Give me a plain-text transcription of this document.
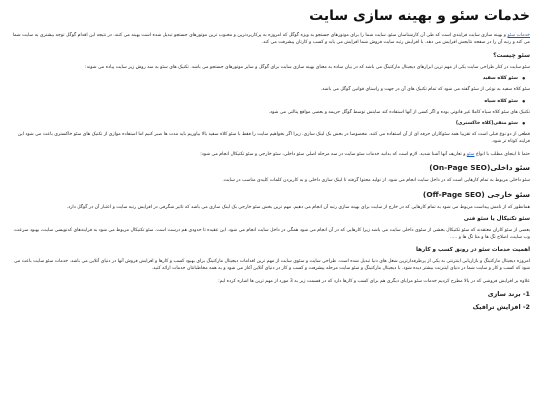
خدمات سئو و بهینه سازی سایت

خدمات سئو و بهینه سازی سایت فرایندی است که طی آن کارشناسان سئو، سایت شما را برای موتورهای جستجو به ویژه گوگل که امروزه به پرکاربردترین و محبوب ترین موتورهای جستجو تبدیل شده است بهینه می کنند. در نتیجه این اقدام گوگل توجه بیشتری به سایت شما می کند و رتبه آن را در صفحه نتایجش افزایش می دهد. با افزایش رتبه سایت فروش شما افزایش می یابد و کسب و کارتان پیشرفت می کند.

سئو چیست؟

سئو سایت در کنار طراحی سایت یکی از مهم ترین ابزارهای دیجیتال مارکتینگ می باشد که در بیان ساده به معنای بهینه سازی سایت برای گوگل و سایر موتورهای جستجو می باشد. تکنیک های سئو به سه روش زیر سایت پیاده می شوند:

• سئو کلاه سفید

سئو کلاه سفید به نوعی از سئو گفته می شود که تمام تکنیک های آن در جهت و راستای قوانین گوگل می باشد.

• سئو کلاه سیاه

تکنیک های سئو کلاه سیاه کاملا غیر قانونی بوده و اگر کسی از آنها استفاده کند سایتش توسط گوگل جریمه و بعضی مواقع پنالتی می شود.

• سئو منفی(کلاه خاکستری)

قطعی از دو نوع قبلی است که تقریبا همه سئوکاران حرفه ای از آن استفاده می کنند. مخصوصا در بخش بک لینک سازی. زیرا اگر بخواهیم سایت را فقط با سئو کلاه سفید بالا بیاوریم باید مدت ها صبر کنیم اما استفاده موازی از تکنیک های سئو خاکستری باعث می شود این فرایند کوتاه تر شود.

حتما تا اینجای مطلب با انواع سئو و تعاریف آنها آشنا شدید. لازم است که بدانید خدمات سئو سایت در سه مرحله اصلی سئو داخلی، سئو خارجی و سئو تکنیکال انجام می شود:

سئو داخلی(On-Page SEO)

سئو داخلی مربوط به تمام کارهایی است که در داخل سایت انجام می شود. از تولید محتوا گرفته تا لینک سازی داخلی و به کاربردن کلمات کلیدی مناسب در سایت.

سئو خارجی (Off-Page SEO)

همانطور که از نامش پیداست مربوط می شود به تمام کارهایی که در خارج از سایت برای بهینه سازی رتبه آن انجام می دهیم. مهم ترین بخش سئو خارجی بک لینک سازی می باشد که تاثیر شگرفی در افزایش رتبه سایت و اعتبار آن در گوگل دارد.

سئو تکنیکال یا سئو فنی

بعضی از سئو کاران معتقدند که سئو تکنیکال بخشی از سئوی داخلی سایت می باشد زیرا کارهایی که در آن انجام می شود همگی در داخل سایت انجام می شود. این عقیده تا حدودی هم درست است. سئو تکنیکال مربوط می شود به فرایندهای کدنویسی سایت، بهبود سرعت، وب سایت، اصلاح تگ ها و متا تگ ها و .....

اهمیت خدمات سئو در رونق کسب و کارها

امروزه دیجیتال مارکتینگ و بازاریابی اینترنتی به یکی از پرطرفدارترین شغل های دنیا تبدیل شده است. طراحی سایت و سئوی سایت از مهم ترین اقدامات دیجیتال مارکتینگ برای بهبود کسب و کارها و افزایش فروش آنها در دنیای آنلاین می باشد. خدمات سئو سایت باعث می شود که کسب و کار و سایت شما در دنیای اینترنت بیشتر دیده شود. با دیجیتال مارکتینگ و سئو سایت مرحله پیشرفت و کسب و کار در دنیای آنلاین آغاز می شود و به همه مخاطبانتان خدمات ارائه کنید.

علاوه بر افزایش فروشی که در بالا مطرح کردیم خدمات سئو مزایای دیگری هم برای کسب و کارها دارد که در قسمت زیر به 3 مورد از مهم ترین ها اشاره کرده ایم:

1- برند سازی
2- افزایش ترافیک
